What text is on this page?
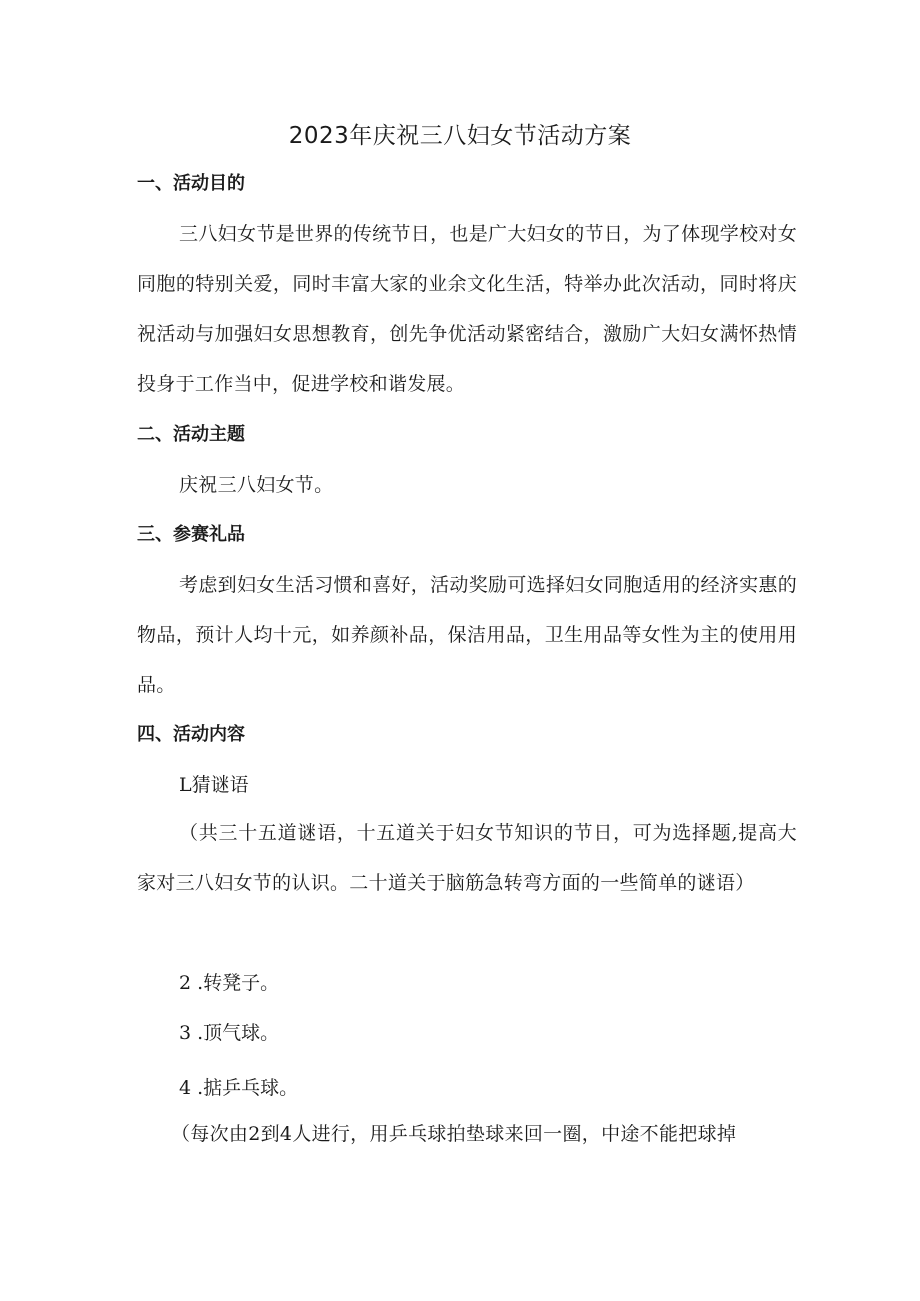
2023年庆祝三八妇女节活动方案
一、活动目的

三八妇女节是世界的传统节日，也是广大妇女的节日，为了体现学校对女同胞的特别关爱，同时丰富大家的业余文化生活，特举办此次活动，同时将庆祝活动与加强妇女思想教育，创先争优活动紧密结合，激励广大妇女满怀热情投身于工作当中，促进学校和谐发展。

二、活动主题

庆祝三八妇女节。

三、参赛礼品

考虑到妇女生活习惯和喜好，活动奖励可选择妇女同胞适用的经济实惠的物品，预计人均十元，如养颜补品，保洁用品，卫生用品等女性为主的使用用品。

四、活动内容

L猜谜语

（共三十五道谜语，十五道关于妇女节知识的节日，可为选择题,提高大家对三八妇女节的认识。二十道关于脑筋急转弯方面的一些简单的谜语）

2 .转凳子。

3 .顶气球。

4 .掂乒乓球。

（每次由2到4人进行，用乒乓球拍垫球来回一圈，中途不能把球掉
